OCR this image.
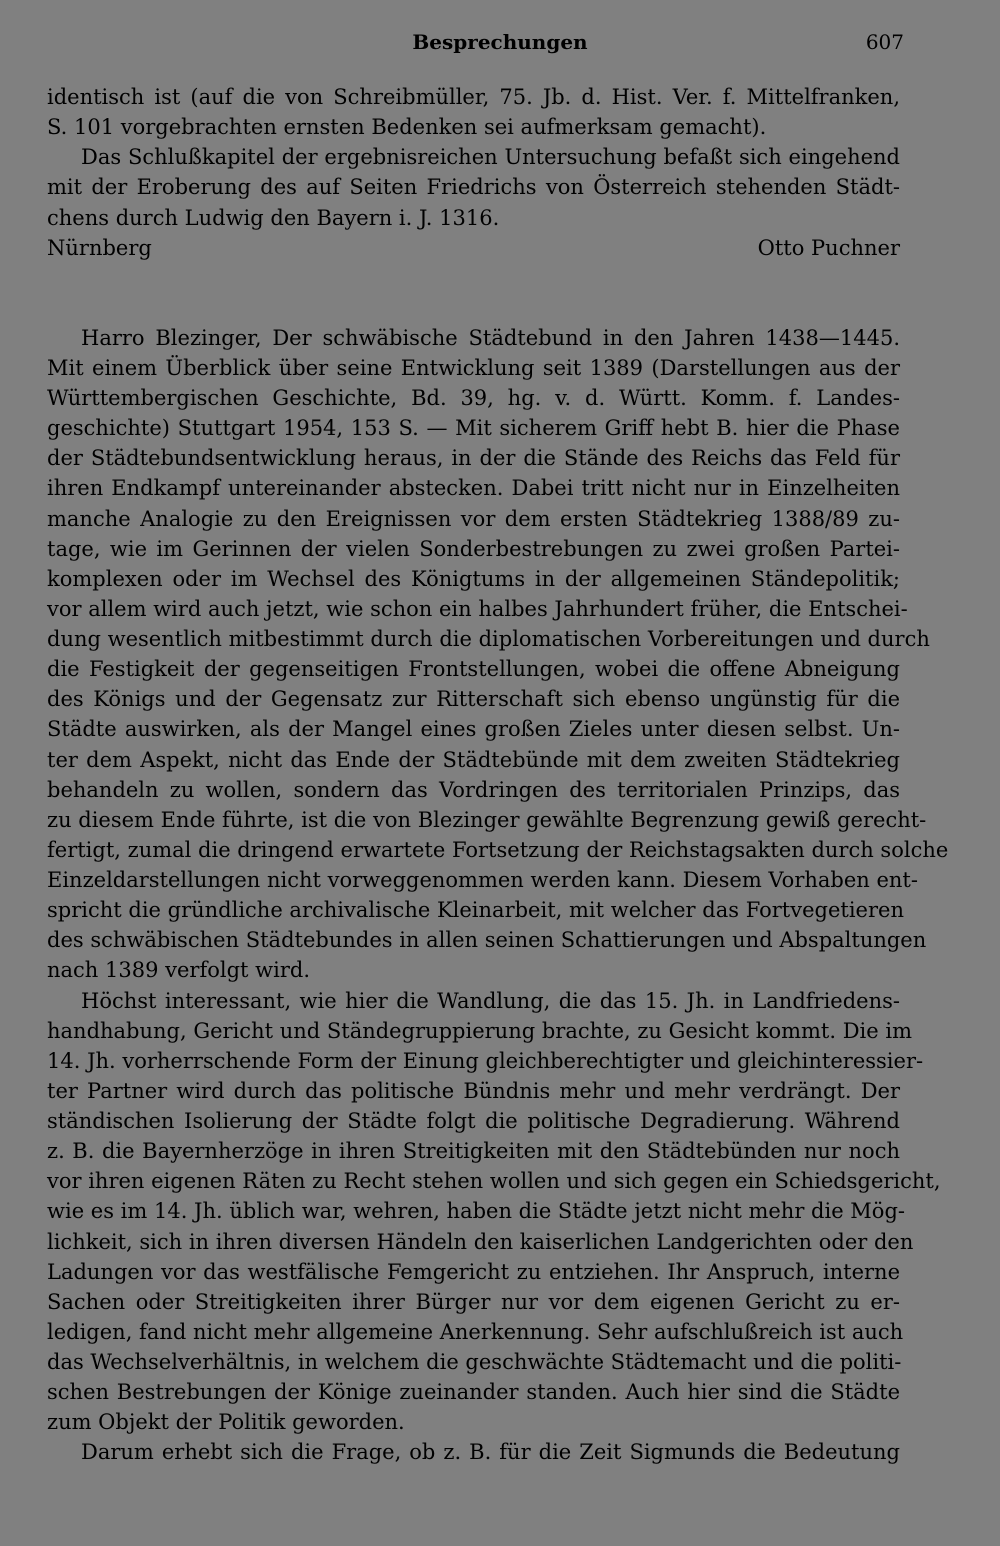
Besprechungen	607
identisch ist (auf die von Schreibmüller, 75. Jb. d. Hist. Ver. f. Mittelfranken,
S. 101 vorgebrachten ernsten Bedenken sei aufmerksam gemacht).
Das Schlußkapitel der ergebnisreichen Untersuchung befaßt sich eingehend
mit der Eroberung des auf Seiten Friedrichs von Österreich stehenden Städt-
chens durch Ludwig den Bayern i. J. 1316.
Nürnberg	Otto Puchner
Harro Blezinger, Der schwäbische Städtebund in den Jahren 1438—1445.
Mit einem Überblick über seine Entwicklung seit 1389 (Darstellungen aus der
Württembergischen Geschichte, Bd. 39, hg. v. d. Württ. Komm. f. Landes-
geschichte) Stuttgart 1954, 153 S. — Mit sicherem Griff hebt B. hier die Phase
der Städtebundsentwicklung heraus, in der die Stände des Reichs das Feld für
ihren Endkampf untereinander abstecken. Dabei tritt nicht nur in Einzelheiten
manche Analogie zu den Ereignissen vor dem ersten Städtekrieg 1388/89 zu-
tage, wie im Gerinnen der vielen Sonderbestrebungen zu zwei großen Partei-
komplexen oder im Wechsel des Königtums in der allgemeinen Ständepolitik;
vor allem wird auch jetzt, wie schon ein halbes Jahrhundert früher, die Entschei-
dung wesentlich mitbestimmt durch die diplomatischen Vorbereitungen und durch
die Festigkeit der gegenseitigen Frontstellungen, wobei die offene Abneigung
des Königs und der Gegensatz zur Ritterschaft sich ebenso ungünstig für die
Städte auswirken, als der Mangel eines großen Zieles unter diesen selbst. Un-
ter dem Aspekt, nicht das Ende der Städtebünde mit dem zweiten Städtekrieg
behandeln zu wollen, sondern das Vordringen des territorialen Prinzips, das
zu diesem Ende führte, ist die von Blezinger gewählte Begrenzung gewiß gerecht-
fertigt, zumal die dringend erwartete Fortsetzung der Reichstagsakten durch solche
Einzeldarstellungen nicht vorweggenommen werden kann. Diesem Vorhaben ent-
spricht die gründliche archivalische Kleinarbeit, mit welcher das Fortvegetieren
des schwäbischen Städtebundes in allen seinen Schattierungen und Abspaltungen
nach 1389 verfolgt wird.
Höchst interessant, wie hier die Wandlung, die das 15. Jh. in Landfriedens-
handhabung, Gericht und Ständegruppierung brachte, zu Gesicht kommt. Die im
14. Jh. vorherrschende Form der Einung gleichberechtigter und gleichinteressier-
ter Partner wird durch das politische Bündnis mehr und mehr verdrängt. Der
ständischen Isolierung der Städte folgt die politische Degradierung. Während
z. B. die Bayernherzöge in ihren Streitigkeiten mit den Städtebünden nur noch
vor ihren eigenen Räten zu Recht stehen wollen und sich gegen ein Schiedsgericht,
wie es im 14. Jh. üblich war, wehren, haben die Städte jetzt nicht mehr die Mög-
lichkeit, sich in ihren diversen Händeln den kaiserlichen Landgerichten oder den
Ladungen vor das westfälische Femgericht zu entziehen. Ihr Anspruch, interne
Sachen oder Streitigkeiten ihrer Bürger nur vor dem eigenen Gericht zu er-
ledigen, fand nicht mehr allgemeine Anerkennung. Sehr aufschlußreich ist auch
das Wechselverhältnis, in welchem die geschwächte Städtemacht und die politi-
schen Bestrebungen der Könige zueinander standen. Auch hier sind die Städte
zum Objekt der Politik geworden.
Darum erhebt sich die Frage, ob z. B. für die Zeit Sigmunds die Bedeutung
